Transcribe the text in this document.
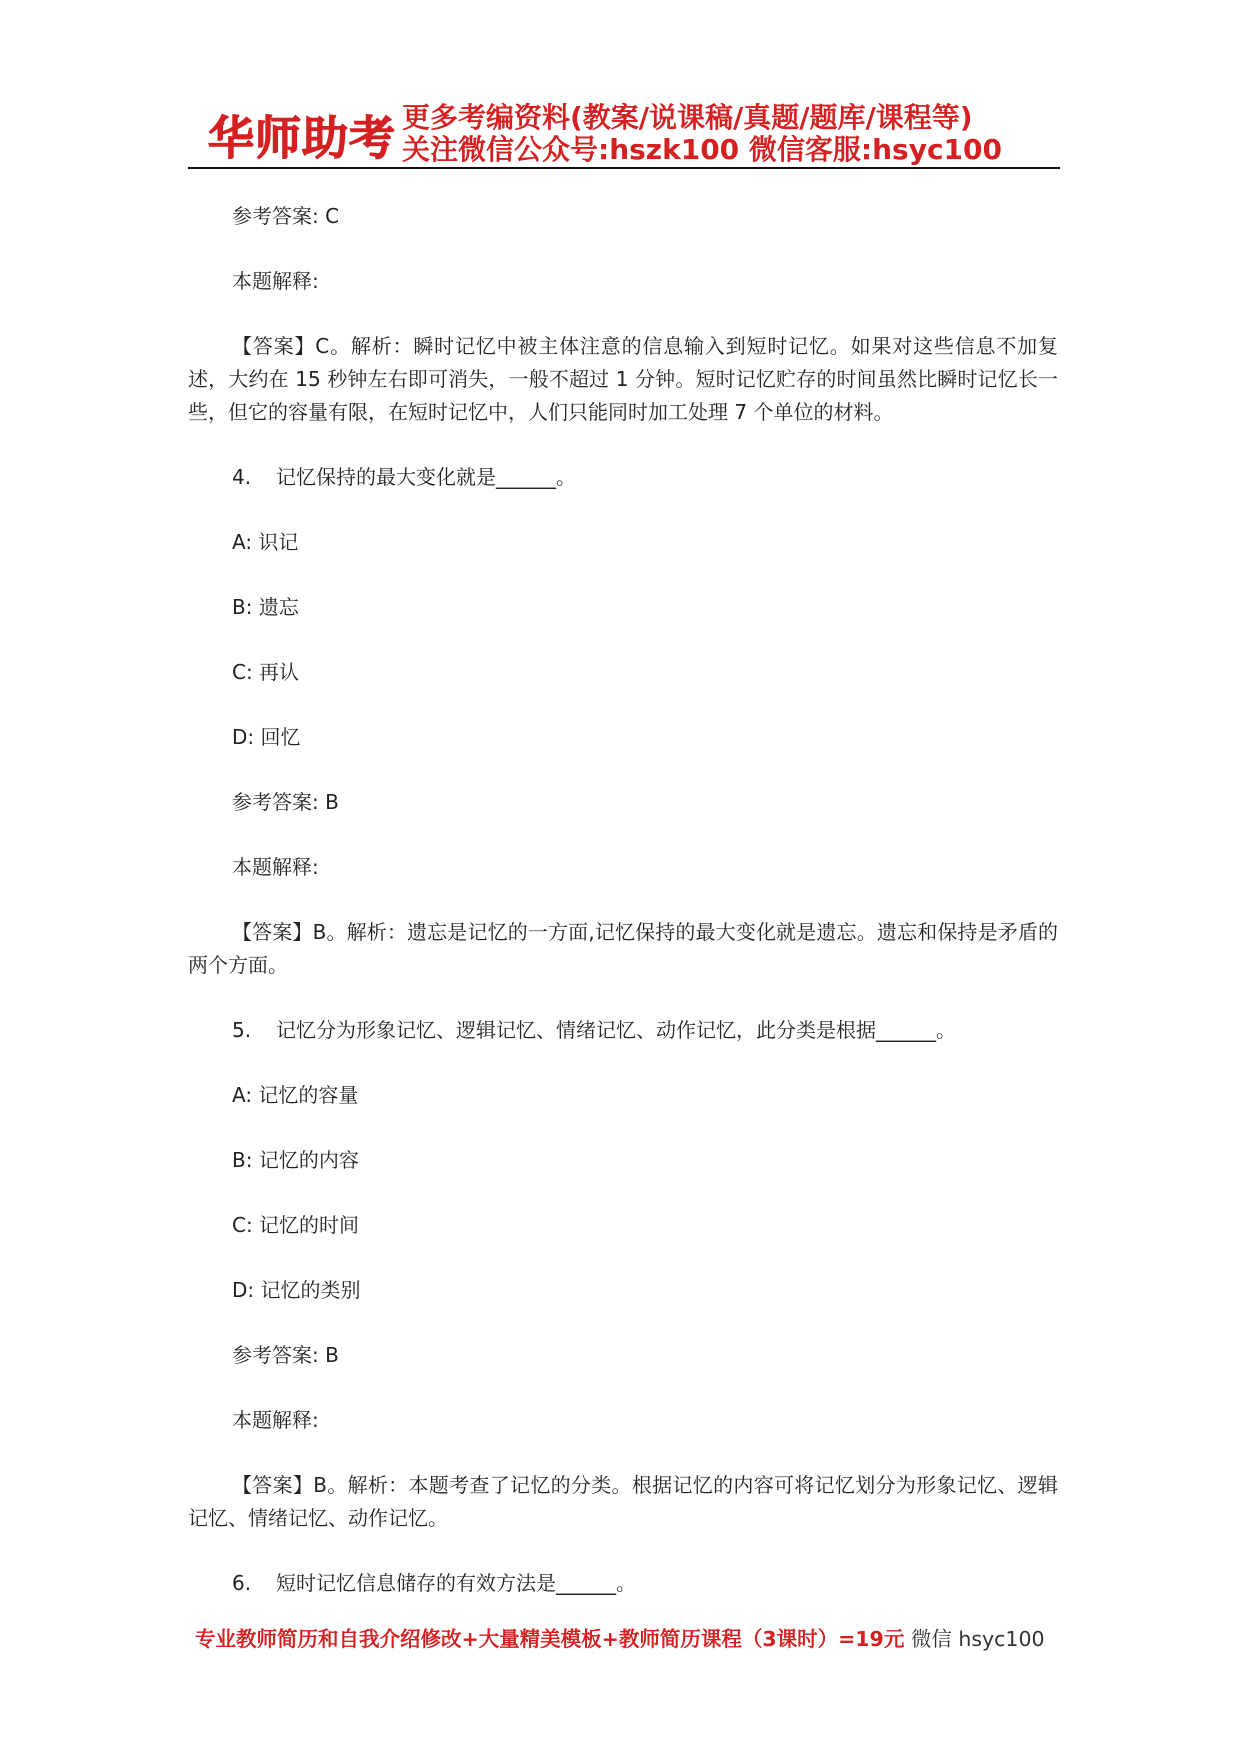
华师助考 更多考编资料(教案/说课稿/真题/题库/课程等)
关注微信公众号:hszk100 微信客服:hsyc100

参考答案: C

本题解释:

【答案】C。解析：瞬时记忆中被主体注意的信息输入到短时记忆。如果对这些信息不加复述，大约在 15 秒钟左右即可消失，一般不超过 1 分钟。短时记忆贮存的时间虽然比瞬时记忆长一些，但它的容量有限，在短时记忆中，人们只能同时加工处理 7 个单位的材料。

4. 记忆保持的最大变化就是______。

A: 识记

B: 遗忘

C: 再认

D: 回忆

参考答案: B

本题解释:

【答案】B。解析：遗忘是记忆的一方面,记忆保持的最大变化就是遗忘。遗忘和保持是矛盾的两个方面。

5. 记忆分为形象记忆、逻辑记忆、情绪记忆、动作记忆，此分类是根据______。

A: 记忆的容量

B: 记忆的内容

C: 记忆的时间

D: 记忆的类别

参考答案: B

本题解释:

【答案】B。解析：本题考查了记忆的分类。根据记忆的内容可将记忆划分为形象记忆、逻辑记忆、情绪记忆、动作记忆。

6. 短时记忆信息储存的有效方法是______。

专业教师简历和自我介绍修改+大量精美模板+教师简历课程（3课时）=19元 微信 hsyc100
